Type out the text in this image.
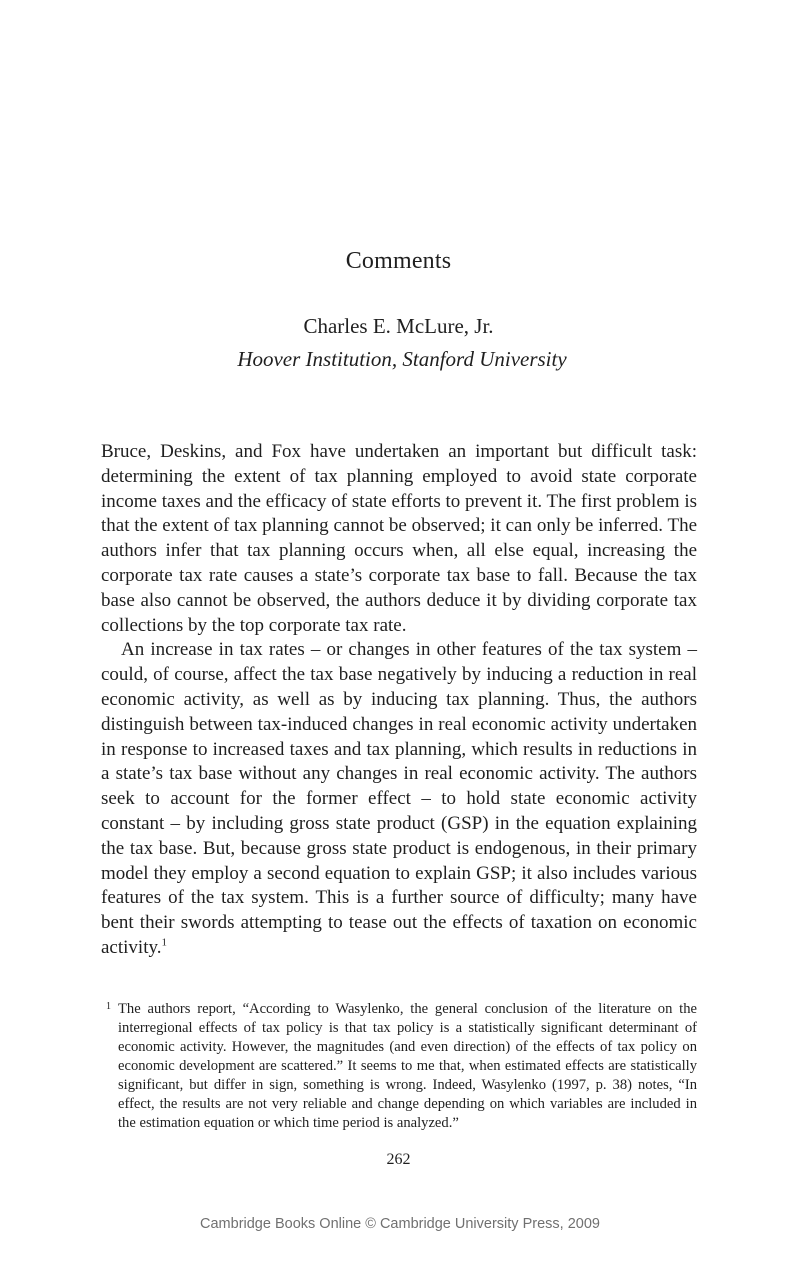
Comments
Charles E. McLure, Jr.
Hoover Institution, Stanford University

Bruce, Deskins, and Fox have undertaken an important but difficult task: determining the extent of tax planning employed to avoid state corporate income taxes and the efficacy of state efforts to prevent it. The first problem is that the extent of tax planning cannot be observed; it can only be inferred. The authors infer that tax planning occurs when, all else equal, increasing the corporate tax rate causes a state’s corporate tax base to fall. Because the tax base also cannot be observed, the authors deduce it by dividing corporate tax collections by the top corporate tax rate.

An increase in tax rates – or changes in other features of the tax system – could, of course, affect the tax base negatively by inducing a reduction in real economic activity, as well as by inducing tax planning. Thus, the authors distinguish between tax-induced changes in real economic activity undertaken in response to increased taxes and tax planning, which results in reductions in a state’s tax base without any changes in real economic activity. The authors seek to account for the former effect – to hold state economic activity constant – by including gross state product (GSP) in the equation explaining the tax base. But, because gross state product is endogenous, in their primary model they employ a second equation to explain GSP; it also includes various features of the tax system. This is a further source of difficulty; many have bent their swords attempting to tease out the effects of taxation on economic activity.$^1$

1 The authors report, “According to Wasylenko, the general conclusion of the literature on the interregional effects of tax policy is that tax policy is a statistically significant determinant of economic activity. However, the magnitudes (and even direction) of the effects of tax policy on economic development are scattered.” It seems to me that, when estimated effects are statistically significant, but differ in sign, something is wrong. Indeed, Wasylenko (1997, p. 38) notes, “In effect, the results are not very reliable and change depending on which variables are included in the estimation equation or which time period is analyzed.”
262
Cambridge Books Online © Cambridge University Press, 2009
